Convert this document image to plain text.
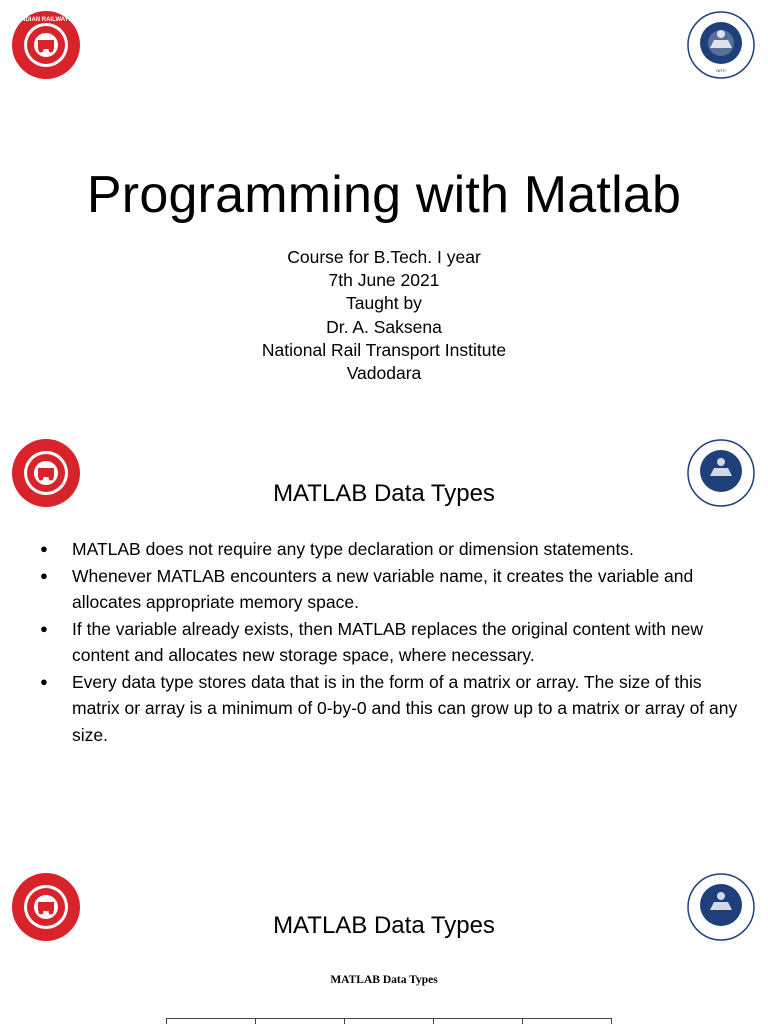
INDIAN RAILWAYS
NRTI
Programming with Matlab
Course for B.Tech. I year
7th June 2021
Taught by
Dr. A. Saksena
National Rail Transport Institute
Vadodara
MATLAB Data Types
● MATLAB does not require any type declaration or dimension statements.
● Whenever MATLAB encounters a new variable name, it creates the variable and allocates appropriate memory space.
● If the variable already exists, then MATLAB replaces the original content with new content and allocates new storage space, where necessary.
● Every data type stores data that is in the form of a matrix or array. The size of this matrix or array is a minimum of 0-by-0 and this can grow up to a matrix or array of any size.
MATLAB Data Types
MATLAB Data Types
